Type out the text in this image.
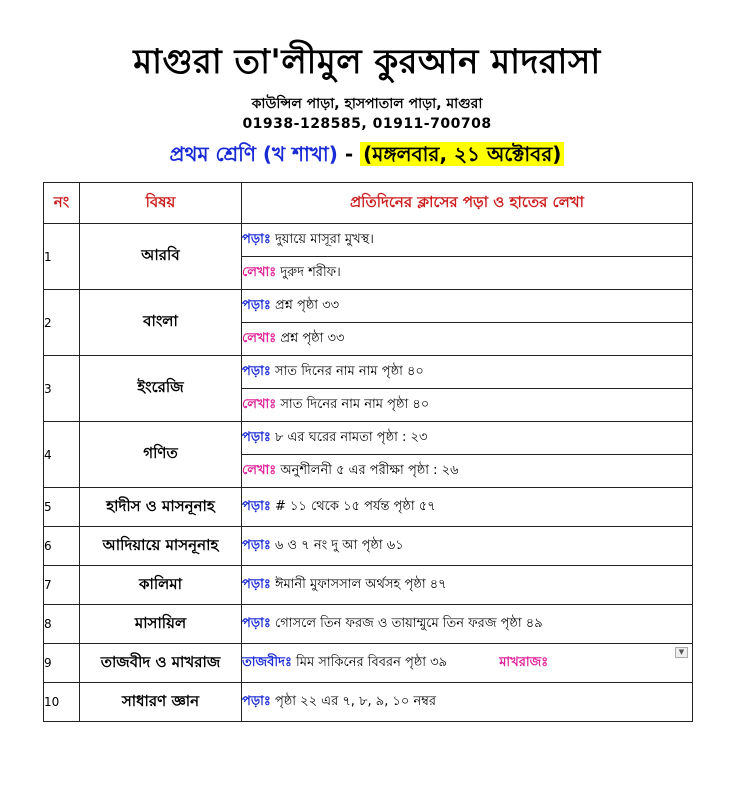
মাগুরা তা'লীমুল কুরআন মাদরাসা
কাউন্সিল পাড়া, হাসপাতাল পাড়া, মাগুরা
01938-128585, 01911-700708
প্রথম শ্রেণি (খ শাখা) - (মঙ্গলবার, ২১ অক্টোবর)
নং	বিষয়	প্রতিদিনের ক্লাসের পড়া ও হাতের লেখা
1	আরবি	পড়াঃ দুয়ায়ে মাসূরা মুখস্থ।
		লেখাঃ দুরুদ শরীফ।
2	বাংলা	পড়াঃ প্রশ্ন পৃষ্ঠা ৩৩
		লেখাঃ প্রশ্ন পৃষ্ঠা ৩৩
3	ইংরেজি	পড়াঃ সাত দিনের নাম নাম পৃষ্ঠা ৪০
		লেখাঃ সাত দিনের নাম নাম পৃষ্ঠা ৪০
4	গণিত	পড়াঃ ৮ এর ঘরের নামতা পৃষ্ঠা : ২৩
		লেখাঃ অনুশীলনী ৫ এর পরীক্ষা পৃষ্ঠা : ২৬
5	হাদীস ও মাসনূনাহ	পড়াঃ # ১১ থেকে ১৫ পর্যন্ত পৃষ্ঠা ৫৭
6	আদিয়ায়ে মাসনূনাহ	পড়াঃ ৬ ও ৭ নং দু আ পৃষ্ঠা ৬১
7	কালিমা	পড়াঃ ঈমানী মুফাসসাল অর্থসহ পৃষ্ঠা ৪৭
8	মাসায়িল	পড়াঃ গোসলে তিন ফরজ ও তায়াম্মুমে তিন ফরজ পৃষ্ঠা ৪৯
9	তাজবীদ ও মাখরাজ	তাজবীদঃ মিম সাকিনের বিবরন পৃষ্ঠা ৩৯ মাখরাজঃ
▼

10	সাধারণ জ্ঞান	পড়াঃ পৃষ্ঠা ২২ এর ৭, ৮, ৯, ১০ নম্বর
